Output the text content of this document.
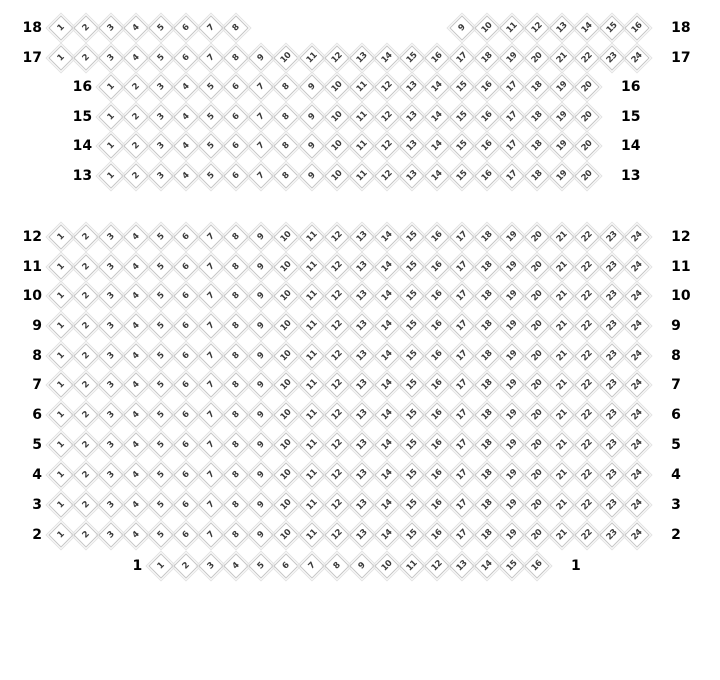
18	18
1 2 3 4 5 6 7 8	9 10 11 12 13 14 15 16
17	17
1 2 3 4 5 6 7 8 9 10 11 12 13 14 15 16 17 18 19 20 21 22 23 24
16	16
1 2 3 4 5 6 7 8 9 10 11 12 13 14 15 16 17 18 19 20
15	15
1 2 3 4 5 6 7 8 9 10 11 12 13 14 15 16 17 18 19 20
14	14
1 2 3 4 5 6 7 8 9 10 11 12 13 14 15 16 17 18 19 20
13	13
1 2 3 4 5 6 7 8 9 10 11 12 13 14 15 16 17 18 19 20
12	12
1 2 3 4 5 6 7 8 9 10 11 12 13 14 15 16 17 18 19 20 21 22 23 24
11	11
1 2 3 4 5 6 7 8 9 10 11 12 13 14 15 16 17 18 19 20 21 22 23 24
10	10
1 2 3 4 5 6 7 8 9 10 11 12 13 14 15 16 17 18 19 20 21 22 23 24
9	9
1 2 3 4 5 6 7 8 9 10 11 12 13 14 15 16 17 18 19 20 21 22 23 24
8	8
1 2 3 4 5 6 7 8 9 10 11 12 13 14 15 16 17 18 19 20 21 22 23 24
7	7
1 2 3 4 5 6 7 8 9 10 11 12 13 14 15 16 17 18 19 20 21 22 23 24
6	6
1 2 3 4 5 6 7 8 9 10 11 12 13 14 15 16 17 18 19 20 21 22 23 24
5	5
1 2 3 4 5 6 7 8 9 10 11 12 13 14 15 16 17 18 19 20 21 22 23 24
4	4
1 2 3 4 5 6 7 8 9 10 11 12 13 14 15 16 17 18 19 20 21 22 23 24
3	3
1 2 3 4 5 6 7 8 9 10 11 12 13 14 15 16 17 18 19 20 21 22 23 24
2	2
1 2 3 4 5 6 7 8 9 10 11 12 13 14 15 16 17 18 19 20 21 22 23 24
1	1
1 2 3 4 5 6 7 8 9 10 11 12 13 14 15 16
